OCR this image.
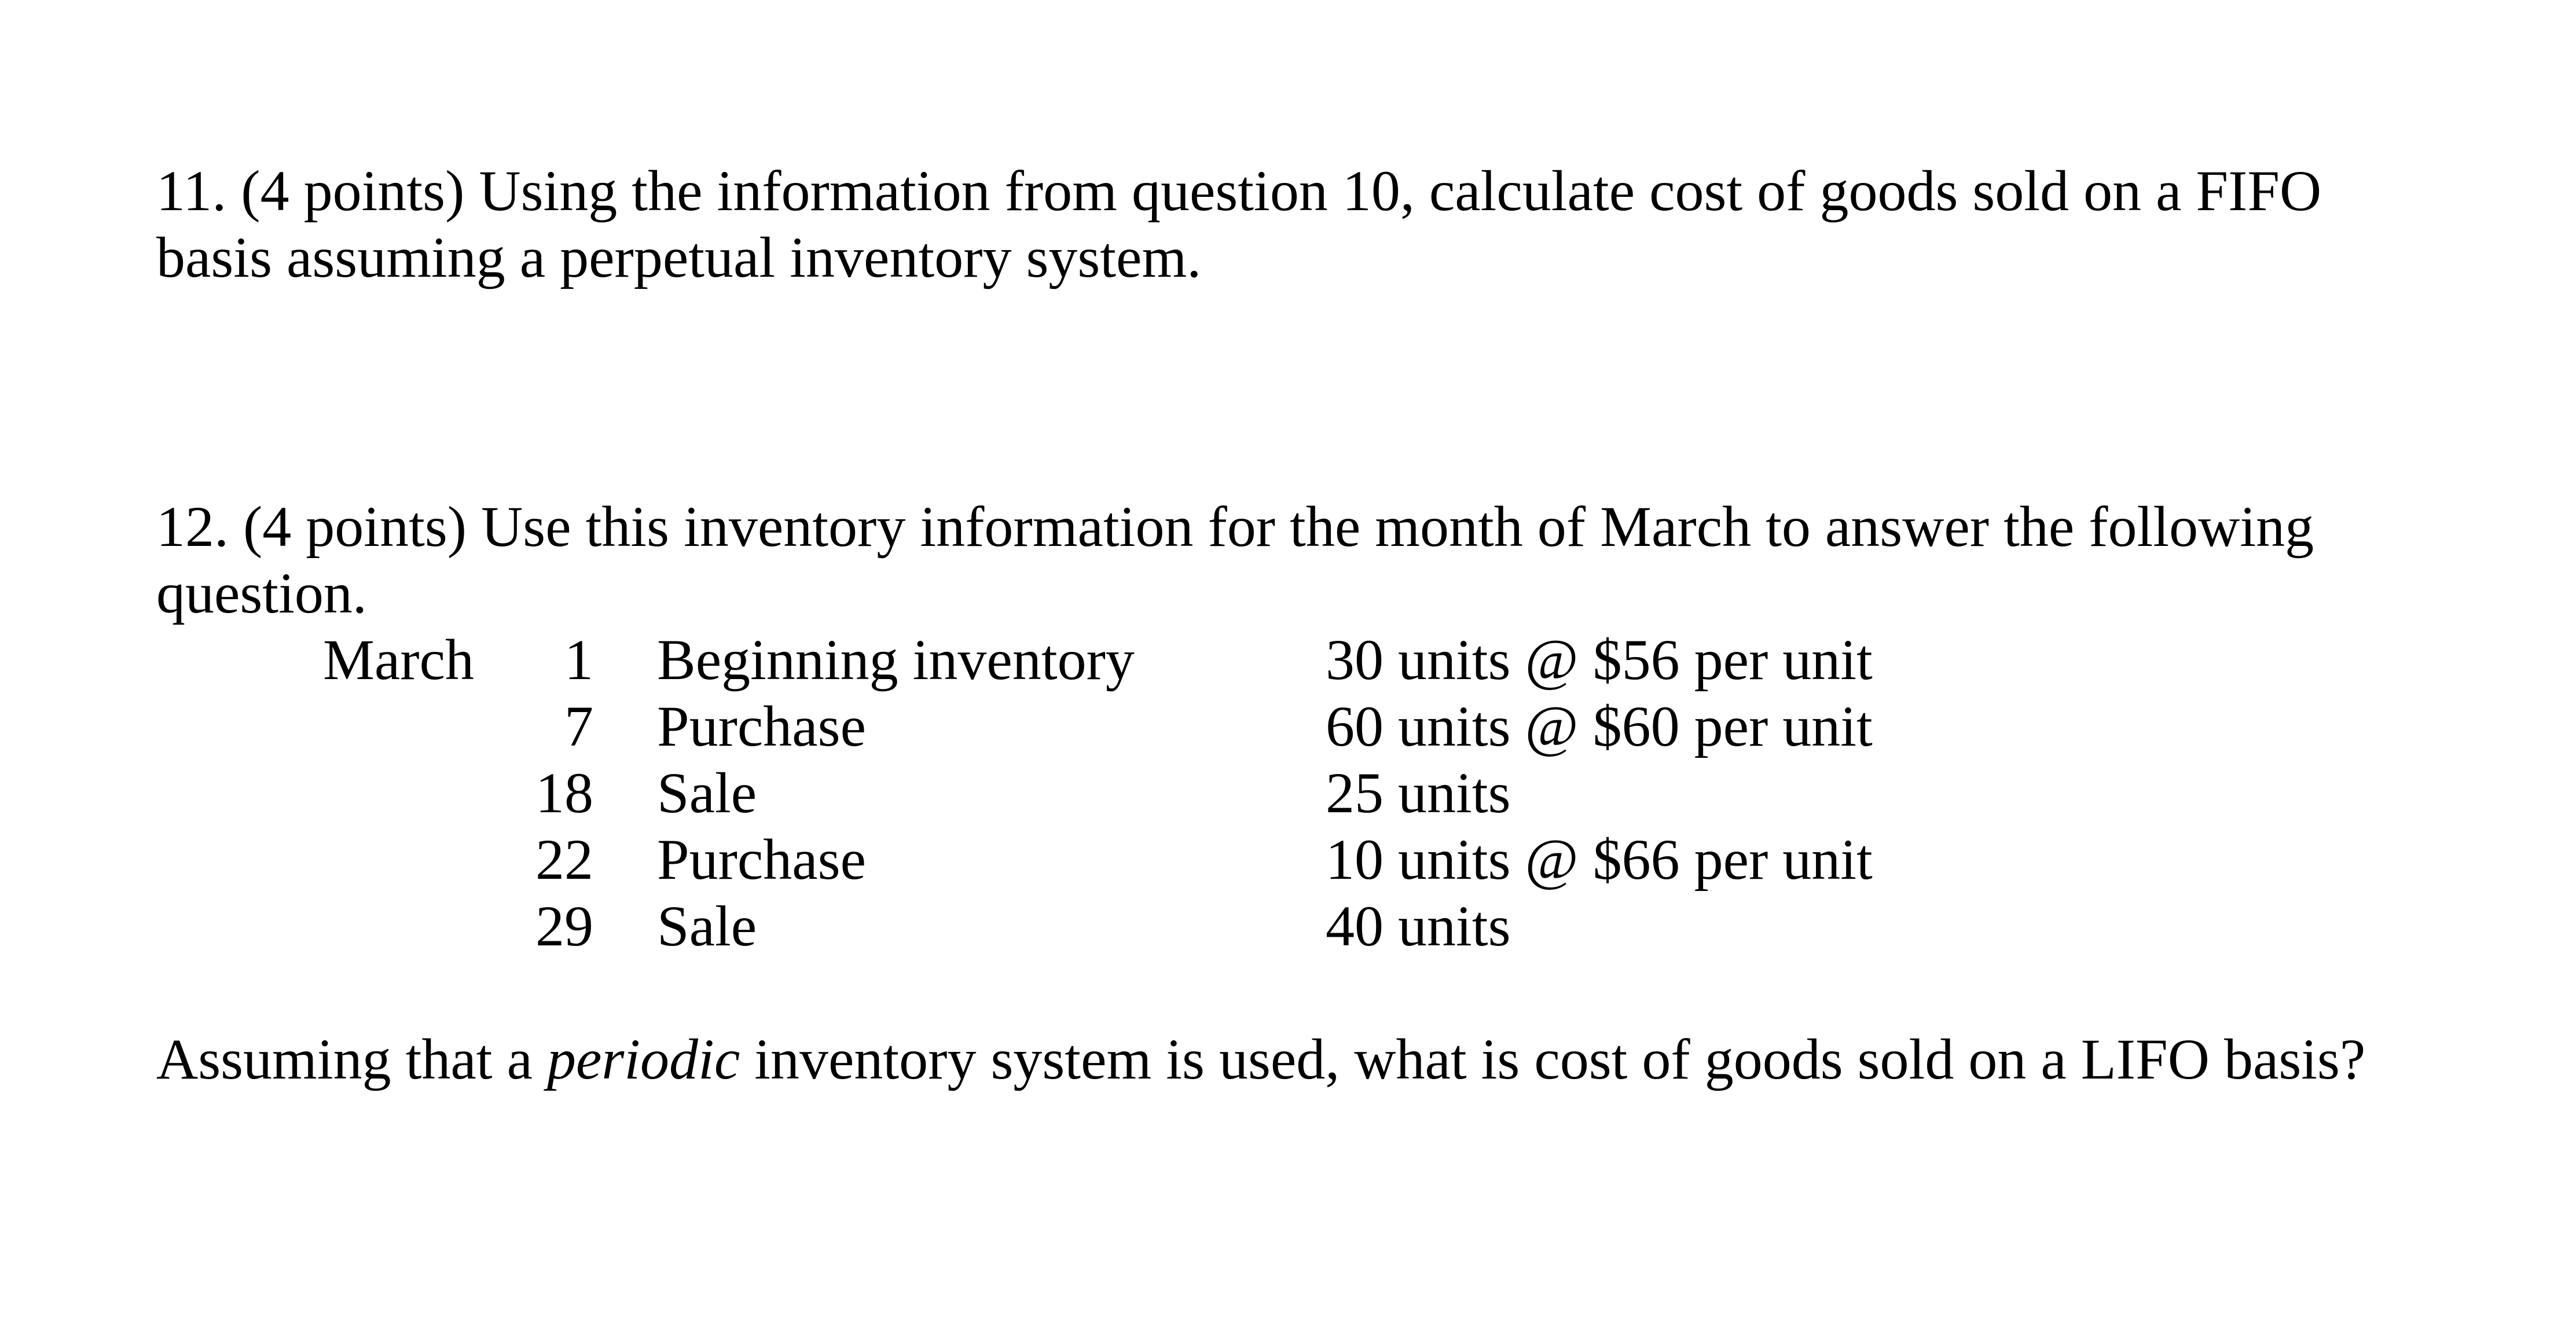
11. (4 points) Using the information from question 10, calculate cost of goods sold on a FIFO
basis assuming a perpetual inventory system.

12. (4 points) Use this inventory information for the month of March to answer the following
question.

March	1 Beginning inventory	30 units @ $56 per unit
7 Purchase	60 units @ $60 per unit
18 Sale	25 units
22 Purchase	10 units @ $66 per unit
29 Sale	40 units

Assuming that a periodic inventory system is used, what is cost of goods sold on a LIFO basis?
